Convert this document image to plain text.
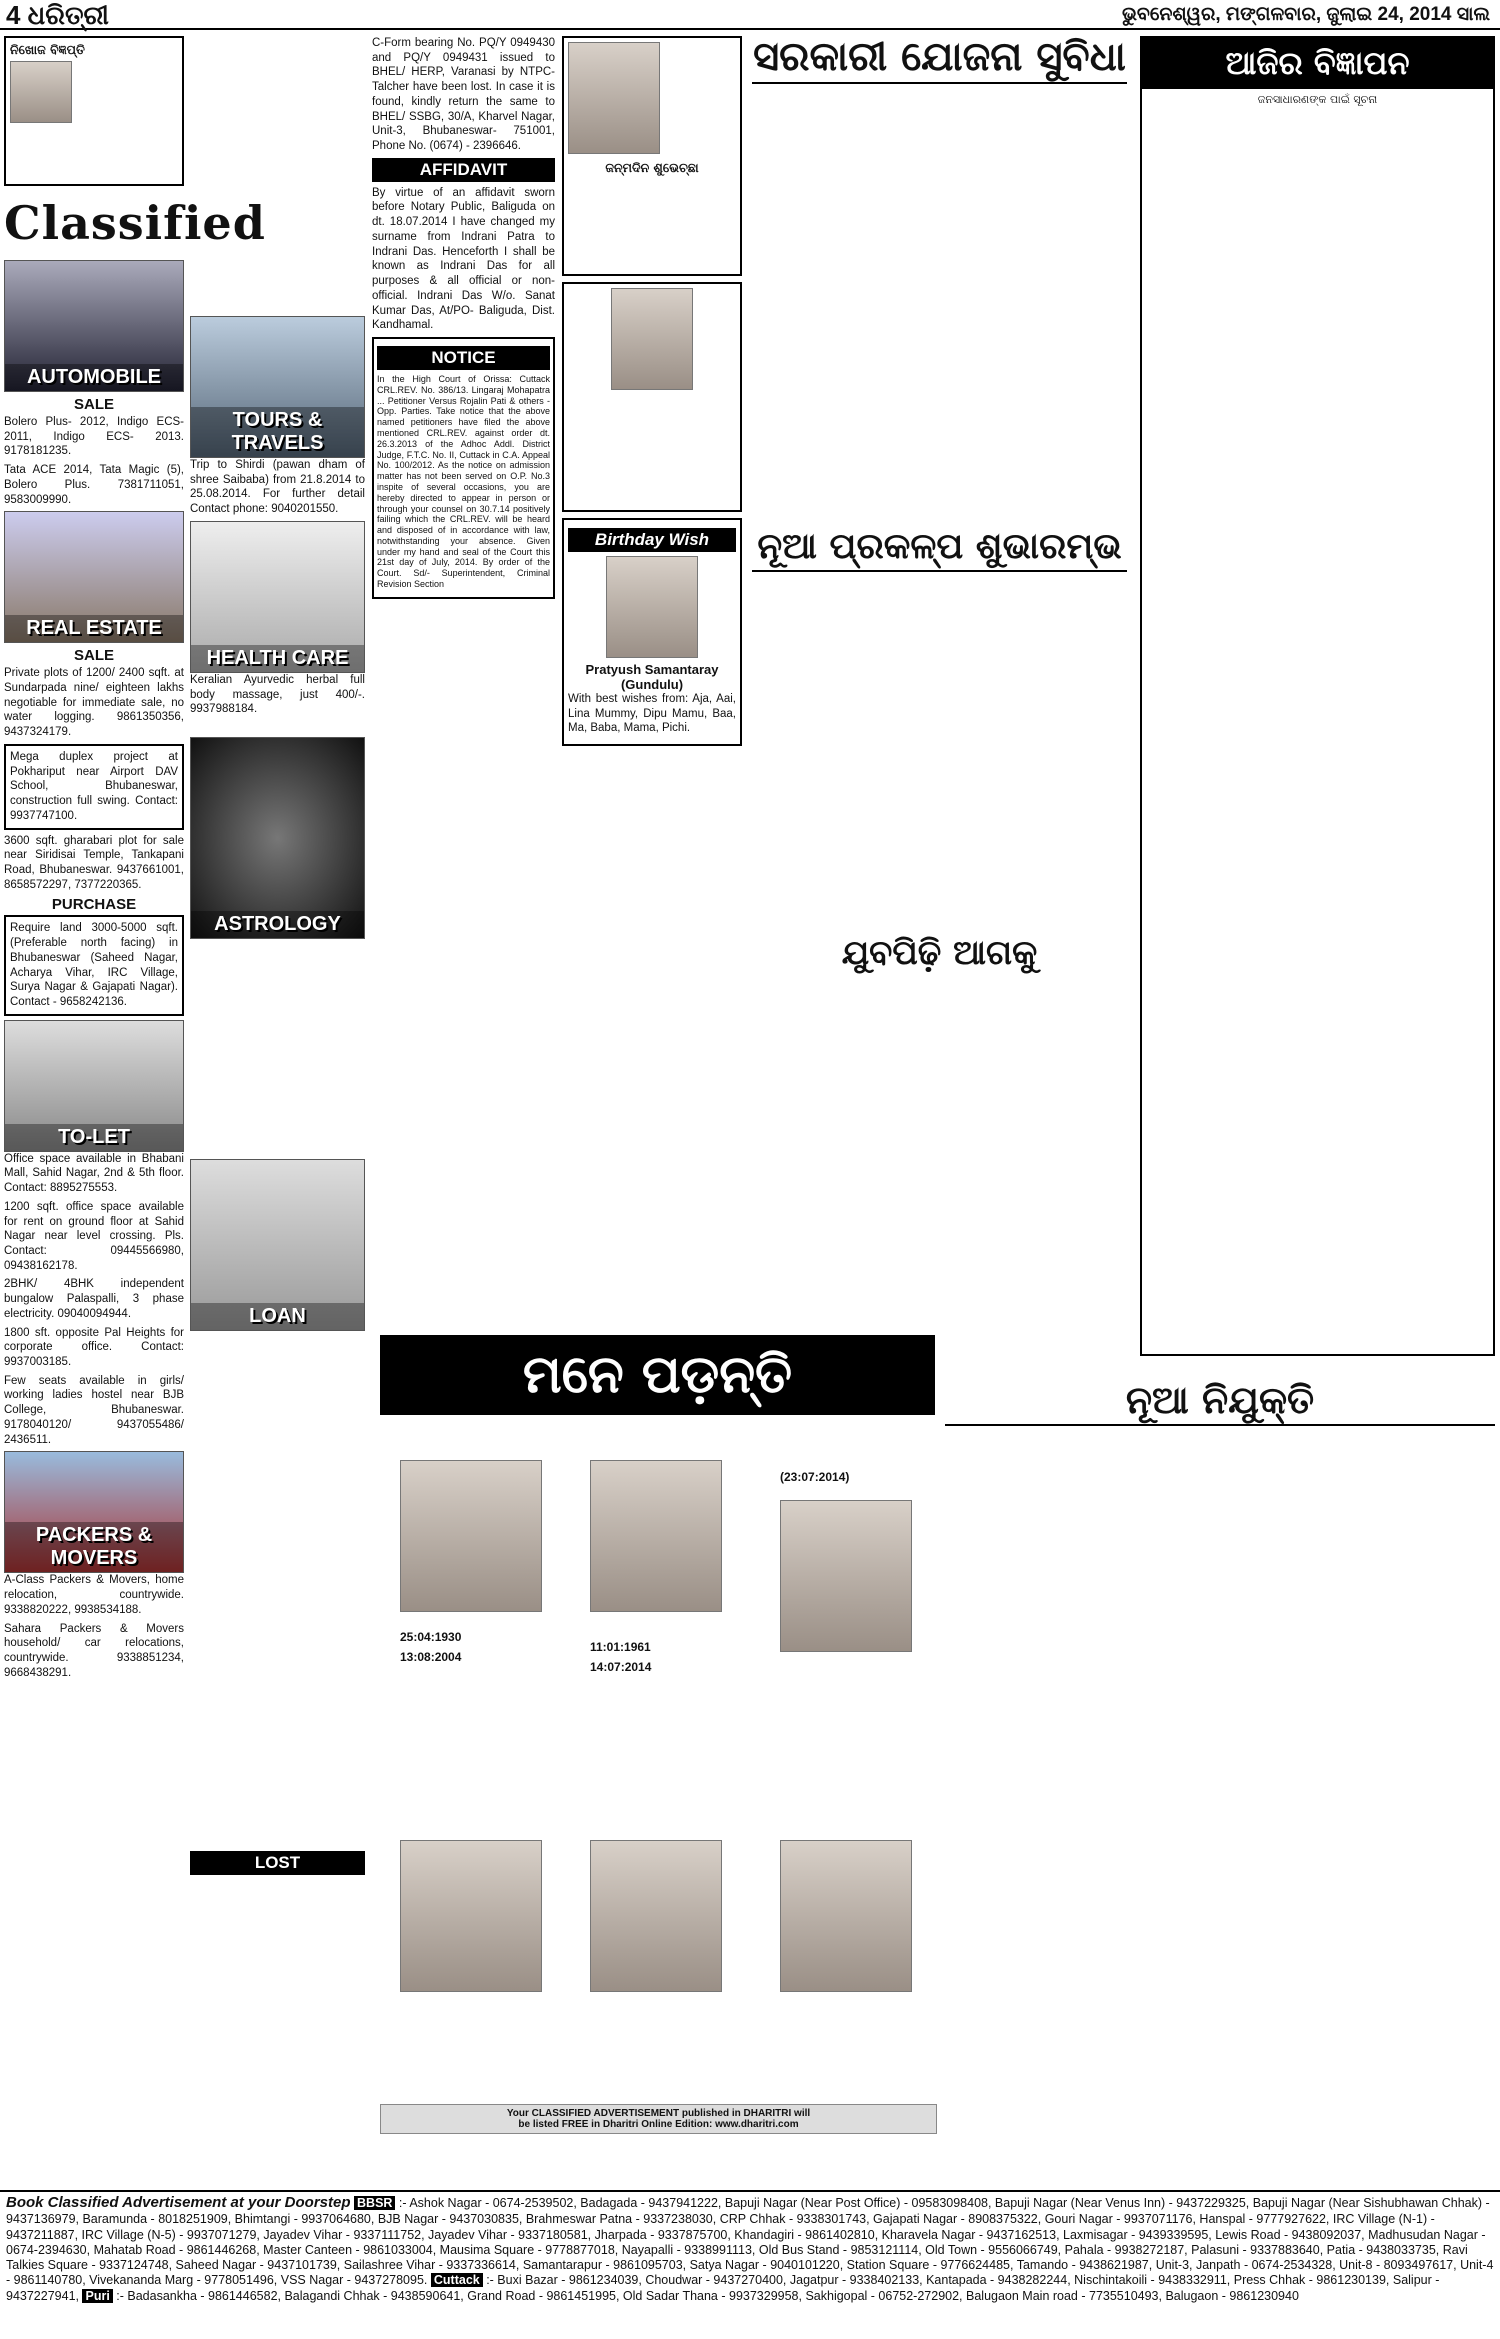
4 ଧରିତ୍ରୀ	ଭୁବନେଶ୍ୱର, ମଙ୍ଗଳବାର, ଜୁଲାଇ 24, 2014 ସାଲ
ନିଖୋଜ ବିଜ୍ଞପ୍ତି
Classified
AUTOMOBILE
SALE

Bolero Plus- 2012, Indigo ECS- 2011, Indigo ECS- 2013. 9178181235.

Tata ACE 2014, Tata Magic (5), Bolero Plus. 7381711051, 9583009990.

REAL ESTATE
SALE

Private plots of 1200/ 2400 sqft. at Sundarpada nine/ eighteen lakhs negotiable for immediate sale, no water logging. 9861350356, 9437324179.

Mega duplex project at Pokhariput near Airport DAV School, Bhubaneswar, construction full swing. Contact: 9937747100.

3600 sqft. gharabari plot for sale near Siridisai Temple, Tankapani Road, Bhubaneswar. 9437661001, 8658572297, 7377220365.

PURCHASE

Require land 3000-5000 sqft. (Preferable north facing) in Bhubaneswar (Saheed Nagar, Acharya Vihar, IRC Village, Surya Nagar & Gajapati Nagar). Contact - 9658242136.

TO-LET

Office space available in Bhabani Mall, Sahid Nagar, 2nd & 5th floor. Contact: 8895275553.

1200 sqft. office space available for rent on ground floor at Sahid Nagar near level crossing. Pls. Contact: 09445566980, 09438162178.

2BHK/ 4BHK independent bungalow Palaspalli, 3 phase electricity. 09040094944.

1800 sft. opposite Pal Heights for corporate office. Contact: 9937003185.

Few seats available in girls/ working ladies hostel near BJB College, Bhubaneswar. 9178040120/ 9437055486/ 2436511.

PACKERS & MOVERS

A-Class Packers & Movers, home relocation, countrywide. 9338820222, 9938534188.

Sahara Packers & Movers household/ car relocations, countrywide. 9338851234, 9668438291.

TOURS & TRAVELS

Trip to Shirdi (pawan dham of shree Saibaba) from 21.8.2014 to 25.08.2014. For further detail Contact phone: 9040201550.

HEALTH CARE

Keralian Ayurvedic herbal full body massage, just 400/-. 9937988184.

ASTROLOGY
LOAN
LOST

C-Form bearing No. PQ/Y 0949430 and PQ/Y 0949431 issued to BHEL/ HERP, Varanasi by NTPC- Talcher have been lost. In case it is found, kindly return the same to BHEL/ SSBG, 30/A, Kharvel Nagar, Unit-3, Bhubaneswar- 751001, Phone No. (0674) - 2396646.

AFFIDAVIT

By virtue of an affidavit sworn before Notary Public, Baliguda on dt. 18.07.2014 I have changed my surname from Indrani Patra to Indrani Das. Henceforth I shall be known as Indrani Das for all purposes & all official or non-official. Indrani Das W/o. Sanat Kumar Das, At/PO- Baliguda, Dist. Kandhamal.

NOTICE

In the High Court of Orissa: Cuttack CRL.REV. No. 386/13. Lingaraj Mohapatra ... Petitioner Versus Rojalin Pati & others - Opp. Parties. Take notice that the above named petitioners have filed the above mentioned CRL.REV. against order dt. 26.3.2013 of the Adhoc Addl. District Judge, F.T.C. No. II, Cuttack in C.A. Appeal No. 100/2012. As the notice on admission matter has not been served on O.P. No.3 inspite of several occasions, you are hereby directed to appear in person or through your counsel on 30.7.14 positively failing which the CRL.REV. will be heard and disposed of in accordance with law, notwithstanding your absence. Given under my hand and seal of the Court this 21st day of July, 2014. By order of the Court. Sd/- Superintendent, Criminal Revision Section

ଜନ୍ମଦିନ ଶୁଭେଚ୍ଛା
Birthday Wish
Pratyush Samantaray (Gundulu)

With best wishes from: Aja, Aai, Lina Mummy, Dipu Mamu, Baa, Ma, Baba, Mama, Pichi.

ସରକାରୀ ଯୋଜନା ସୁବିଧା
ନୂଆ ପ୍ରକଳ୍ପ ଶୁଭାରମ୍ଭ
ଯୁବପିଢ଼ି ଆଗକୁ
ମନେ ପଡ଼ନ୍ତି
25:04:1930
13:08:2004
11:01:1961
14:07:2014
(23:07:2014)
Your CLASSIFIED ADVERTISEMENT published in DHARITRI will
be listed FREE in Dharitri Online Edition: www.dharitri.com
ନୂଆ ନିଯୁକ୍ତି
ଆଜିର ବିଜ୍ଞାପନ
ଜନସାଧାରଣଙ୍କ ପାଇଁ ସୂଚନା
Book Classified Advertisement at your Doorstep BBSR :- Ashok Nagar - 0674-2539502, Badagada - 9437941222, Bapuji Nagar (Near Post Office) - 09583098408, Bapuji Nagar (Near Venus Inn) - 9437229325, Bapuji Nagar (Near Sishubhawan Chhak) - 9437136979, Baramunda - 8018251909, Bhimtangi - 9937064680, BJB Nagar - 9437030835, Brahmeswar Patna - 9337238030, CRP Chhak - 9338301743, Gajapati Nagar - 8908375322, Gouri Nagar - 9937071176, Hanspal - 9777927622, IRC Village (N-1) - 9437211887, IRC Village (N-5) - 9937071279, Jayadev Vihar - 9337111752, Jayadev Vihar - 9337180581, Jharpada - 9337875700, Khandagiri - 9861402810, Kharavela Nagar - 9437162513, Laxmisagar - 9439339595, Lewis Road - 9438092037, Madhusudan Nagar - 0674-2394630, Mahatab Road - 9861446268, Master Canteen - 9861033004, Mausima Square - 9778877018, Nayapalli - 9338991113, Old Bus Stand - 9853121114, Old Town - 9556066749, Pahala - 9938272187, Palasuni - 9337883640, Patia - 9438033735, Ravi Talkies Square - 9337124748, Saheed Nagar - 9437101739, Sailashree Vihar - 9337336614, Samantarapur - 9861095703, Satya Nagar - 9040101220, Station Square - 9776624485, Tamando - 9438621987, Unit-3, Janpath - 0674-2534328, Unit-8 - 8093497617, Unit-4 - 9861140780, Vivekananda Marg - 9778051496, VSS Nagar - 9437278095. Cuttack :- Buxi Bazar - 9861234039, Choudwar - 9437270400, Jagatpur - 9338402133, Kantapada - 9438282244, Nischintakoili - 9438332911, Press Chhak - 9861230139, Salipur - 9437227941, Puri :- Badasankha - 9861446582, Balagandi Chhak - 9438590641, Grand Road - 9861451995, Old Sadar Thana - 9937329958, Sakhigopal - 06752-272902, Balugaon Main road - 7735510493, Balugaon - 9861230940
